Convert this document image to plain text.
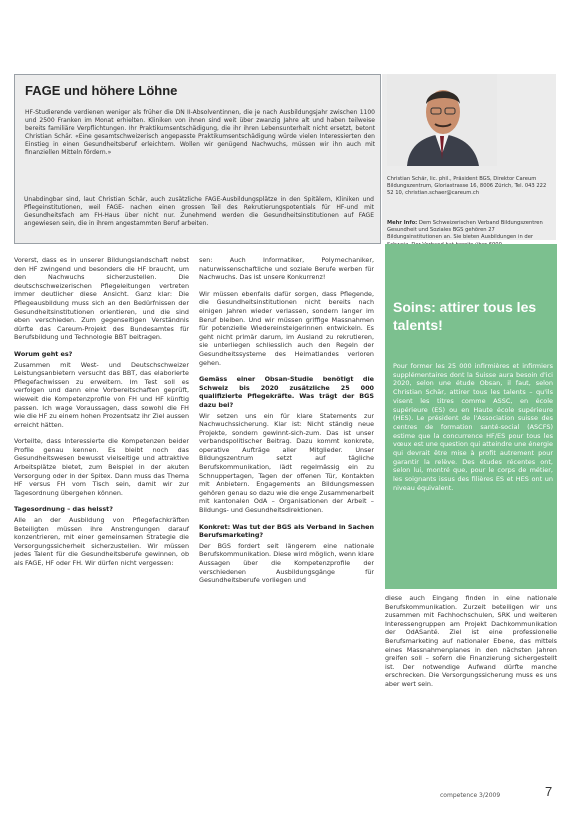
FAGE und höhere Löhne
HF-Studierende verdienen weniger als früher die DN II-Absolventinnen, die je nach Ausbildungsjahr zwischen 1100 und 2500 Franken im Monat erhielten. Kliniken von ihnen sind weit über zwanzig Jahre alt und haben teilweise bereits familiäre Verpflichtungen. Ihr Praktikumsentschädigung, die ihr ihren Lebensunterhalt nicht ersetzt, betont Christian Schär. «Eine gesamtschweizerisch angepasste Praktikumsentschädigung würde vielen Interessierten den Einstieg in einen Gesundheitsberuf erleichtern. Wollen wir genügend Nachwuchs, müssen wir ihn auch mit finanziellen Mitteln fördern.»
Unabdingbar sind, laut Christian Schär, auch zusätzliche FAGE-Ausbildungsplätze in den Spitälern, Kliniken und Pflegeinstitutionen, weil FAGE- nachen einen grossen Teil des Rekrutierungspotentials für HF-und mit Gesundheitsfach am FH-Haus über nicht nur. Zunehmend werden die Gesundheitsinstitutionen auf FAGE angewiesen sein, die in ihrem angestammten Beruf arbeiten.
Christian Schär, lic. phil., Präsident BGS, Direktor Careum Bildungszentrum, Gloriastrasse 16, 8006 Zürich, Tel. 043 222 52 10, christian.schaer@careum.ch
Mehr Info: Dem Schweizerischen Verband Bildungszentren Gesundheit und Soziales BGS gehören 27 Bildungsinstitutionen an. Sie bieten Ausbildungen in der

Vorerst, dass es in unserer Bildungslandschaft nebst den HF zwingend und besonders die HF braucht, um den Nachwuchs sicherzustellen. Die deutschschweizerischen Pflegeleitungen vertreten immer deutlicher diese Ansicht. Ganz klar: Die Pflegeausbildung muss sich an den Bedürfnissen der Gesundheitsinstitutionen orientieren, und die sind eben verschieden. Zum gegenseitigen Verständnis dürfte das Careum-Projekt des Bundesamtes für Berufsbildung und Technologie BBT beitragen.

Worum geht es?

Zusammen mit West- und Deutschschweizer Leistungsanbietern versucht das BBT, das elaborierte Pflegefachwissen zu erweitern. Im Test soll es verfolgen und dann eine Vorbereitschaften geprüft, wieweit die Kompetenzprofile von FH und HF künftig passen. Ich wage Voraussagen, dass sowohl die FH wie die HF zu einem hohen Prozentsatz ihr Ziel aussen erreicht hätten.

Vorteilte, dass Interessierte die Kompetenzen beider Profile genau kennen. Es bleibt noch das Gesundheitswesen bewusst vielseitige und attraktive Arbeitsplätze bietet, zum Beispiel in der akuten Versorgung oder in der Spitex. Dann muss das Thema HF versus FH vom Tisch sein, damit wir zur Tagesordnung übergehen können.

Tagesordnung – das heisst?

Alle an der Ausbildung von Pflegefachkräften Beteiligten müssen ihre Anstrengungen darauf konzentrieren, mit einer gemeinsamen Strategie die Versorgungssicherheit sicherzustellen. Wir müssen jedes Talent für die Gesundheitsberufe gewinnen, ob als FAGE, HF oder FH. Wir dürfen nicht vergessen:

sen: Auch Informatiker, Polymechaniker, naturwissenschaftliche und soziale Berufe werben für Nachwuchs. Das ist unsere Konkurrenz!

Wir müssen ebenfalls dafür sorgen, dass Pflegende, die Gesundheitsinstitutionen nicht bereits nach einigen Jahren wieder verlassen, sondern langer im Beruf bleiben. Und wir müssen griffige Massnahmen für potenzielle Wiedereinsteigerinnen entwickeln. Es geht nicht primär darum, im Ausland zu rekrutieren, sie unterliegen schliesslich auch den Regeln der Gesundheitssysteme des Heimatlandes verloren gehen.

Gemäss einer Obsan-Studie benötigt die Schweiz bis 2020 zusätzliche 25 000 qualifizierte Pflegekräfte. Was trägt der BGS dazu bei?

Wir setzen uns ein für klare Statements zur Nachwuchssicherung. Klar ist: Nicht ständig neue Projekte, sondern gewinnt-sich-zum. Das ist unser verbandspolitischer Beitrag. Dazu kommt konkrete, operative Aufträge aller Mitglieder. Unser Bildungszentrum setzt auf tägliche Berufskommunikation, lädt regelmässig ein zu Schnuppertagen, Tagen der offenen Tür, Kontakten mit Anbietern. Engagements an Bildungsmessen gehören genau so dazu wie die enge Zusammenarbeit mit kantonalen OdA – Organisationen der Arbeit – Bildungs- und Gesundheitsdirektionen.

Konkret: Was tut der BGS als Verband in Sachen Berufsmarketing?

Der BGS fordert seit längerem eine nationale Berufskommunikation. Diese wird möglich, wenn klare Aussagen über die Kompetenzprofile der verschiedenen Ausbildungsgänge für Gesundheitsberufe vorliegen und

Soins: attirer tous les talents!
Pour former les 25 000 infirmières et infirmiers supplémentaires dont la Suisse aura besoin d'ici 2020, selon une étude Obsan, il faut, selon Christian Schär, attirer tous les talents – qu'ils visent les titres comme ASSC, en école supérieure (ES) ou en Haute école supérieure (HES). Le président de l'Association suisse des centres de formation santé-social (ASCFS) estime que la concurrence HF/ES pour tous les vœux est une question qui atteindre une énergie qui devrait être mise à profit autrement pour garantir la relève. Des études récentes ont, selon lui, montré que, pour le corps de métier, les soignants issus des filières ES et HES ont un niveau équivalent.

diese auch Eingang finden in eine nationale Berufskommunikation. Zurzeit beteiligen wir uns zusammen mit Fachhochschulen, SRK und weiteren Interessengruppen am Projekt Dachkommunikation der OdASanté. Ziel ist eine professionelle Berufsmarketing auf nationaler Ebene, das mittels eines Massnahmenplanes in den nächsten Jahren greifen soll – sofern die Finanzierung sichergestellt ist. Der notwendige Aufwand dürfte manche erschrecken. Die Versorgungssicherung muss es uns aber wert sein.

competence 3/2009	7
